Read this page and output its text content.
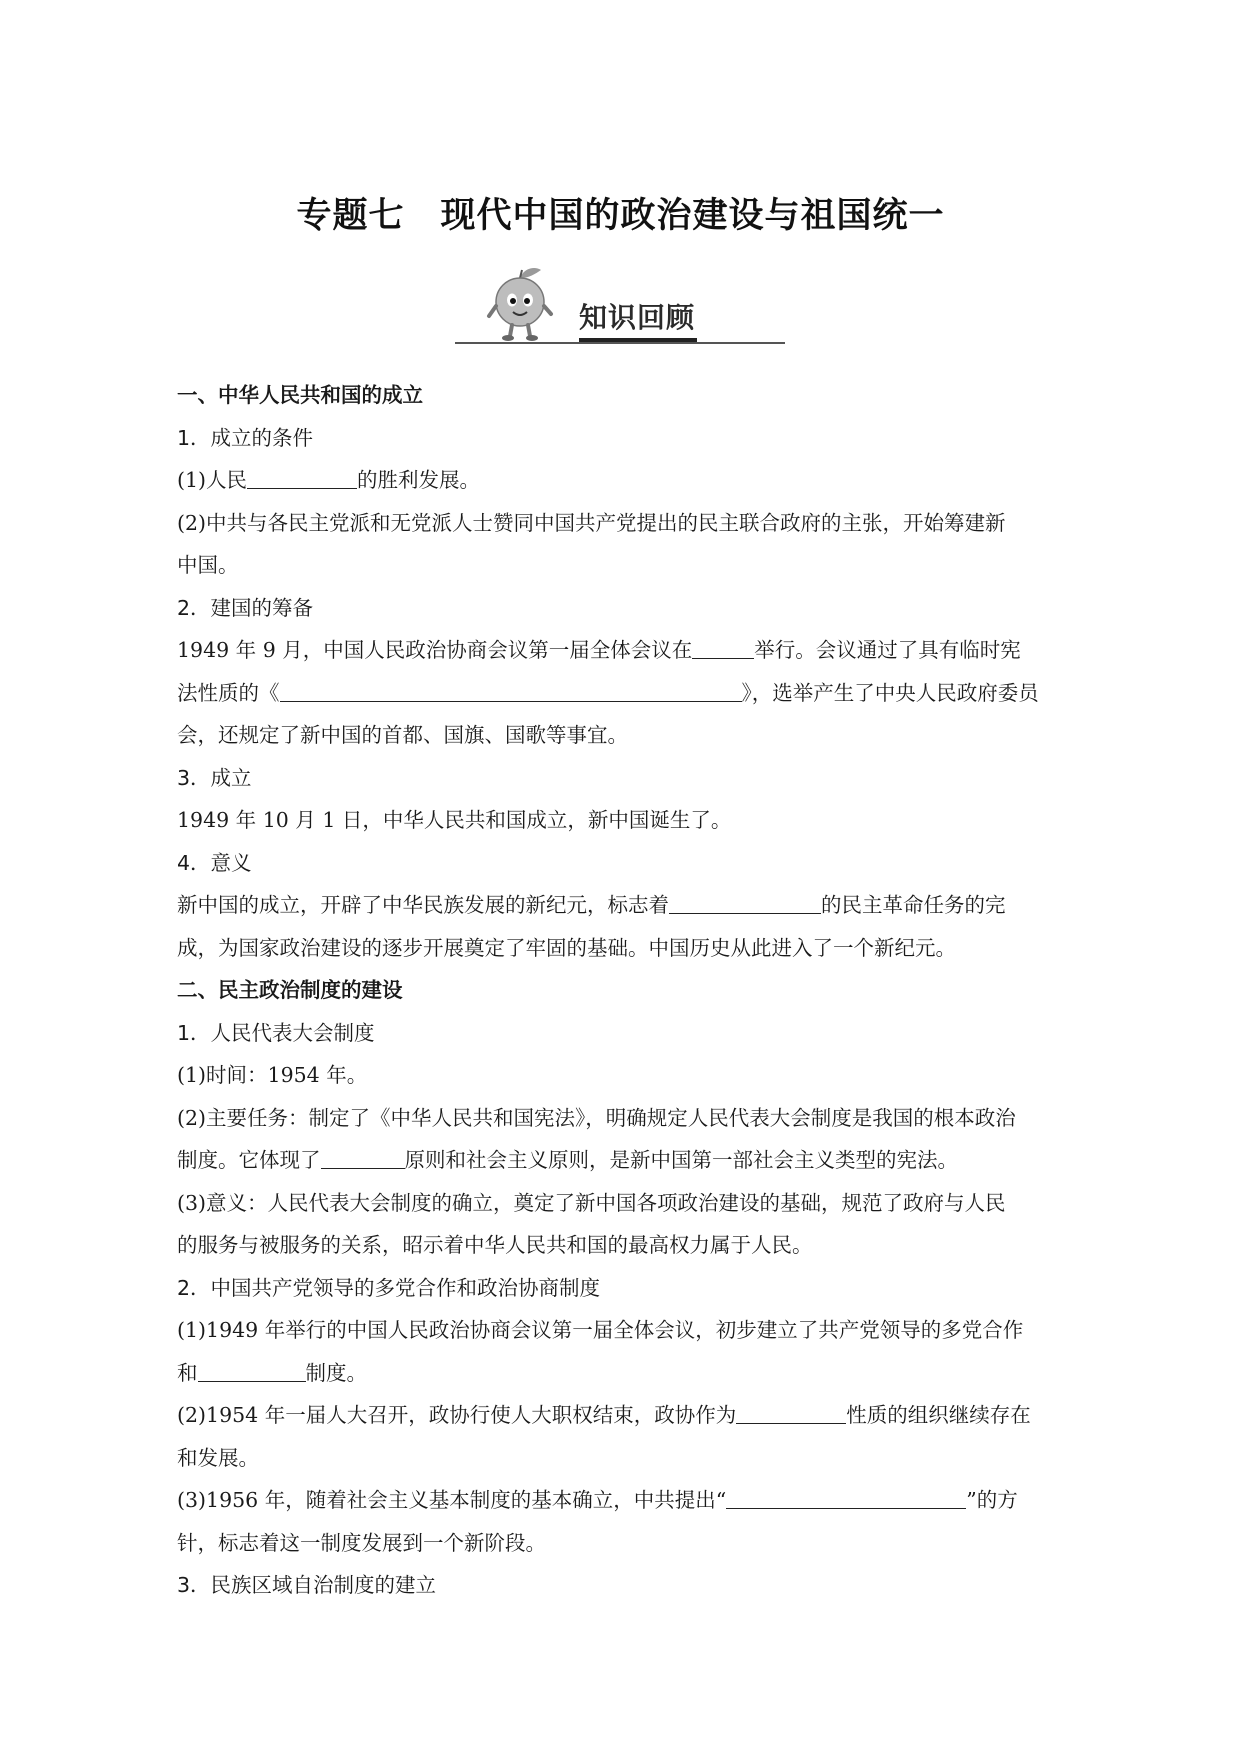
专题七　现代中国的政治建设与祖国统一
知识回顾
一、中华人民共和国的成立
1．成立的条件
(1)人民	的胜利发展。
(2)中共与各民主党派和无党派人士赞同中国共产党提出的民主联合政府的主张，开始筹建新
中国。
2．建国的筹备
1949 年 9 月，中国人民政治协商会议第一届全体会议在	举行。会议通过了具有临时宪
法性质的《	》，选举产生了中央人民政府委员
会，还规定了新中国的首都、国旗、国歌等事宜。
3．成立
1949 年 10 月 1 日，中华人民共和国成立，新中国诞生了。
4．意义
新中国的成立，开辟了中华民族发展的新纪元，标志着	的民主革命任务的完
成，为国家政治建设的逐步开展奠定了牢固的基础。中国历史从此进入了一个新纪元。
二、民主政治制度的建设
1．人民代表大会制度
(1)时间：1954 年。
(2)主要任务：制定了《中华人民共和国宪法》，明确规定人民代表大会制度是我国的根本政治
制度。它体现了	原则和社会主义原则，是新中国第一部社会主义类型的宪法。
(3)意义：人民代表大会制度的确立，奠定了新中国各项政治建设的基础，规范了政府与人民
的服务与被服务的关系，昭示着中华人民共和国的最高权力属于人民。
2．中国共产党领导的多党合作和政治协商制度
(1)1949 年举行的中国人民政治协商会议第一届全体会议，初步建立了共产党领导的多党合作
和	制度。
(2)1954 年一届人大召开，政协行使人大职权结束，政协作为	性质的组织继续存在
和发展。
(3)1956 年，随着社会主义基本制度的基本确立，中共提出“	”的方
针，标志着这一制度发展到一个新阶段。
3．民族区域自治制度的建立
